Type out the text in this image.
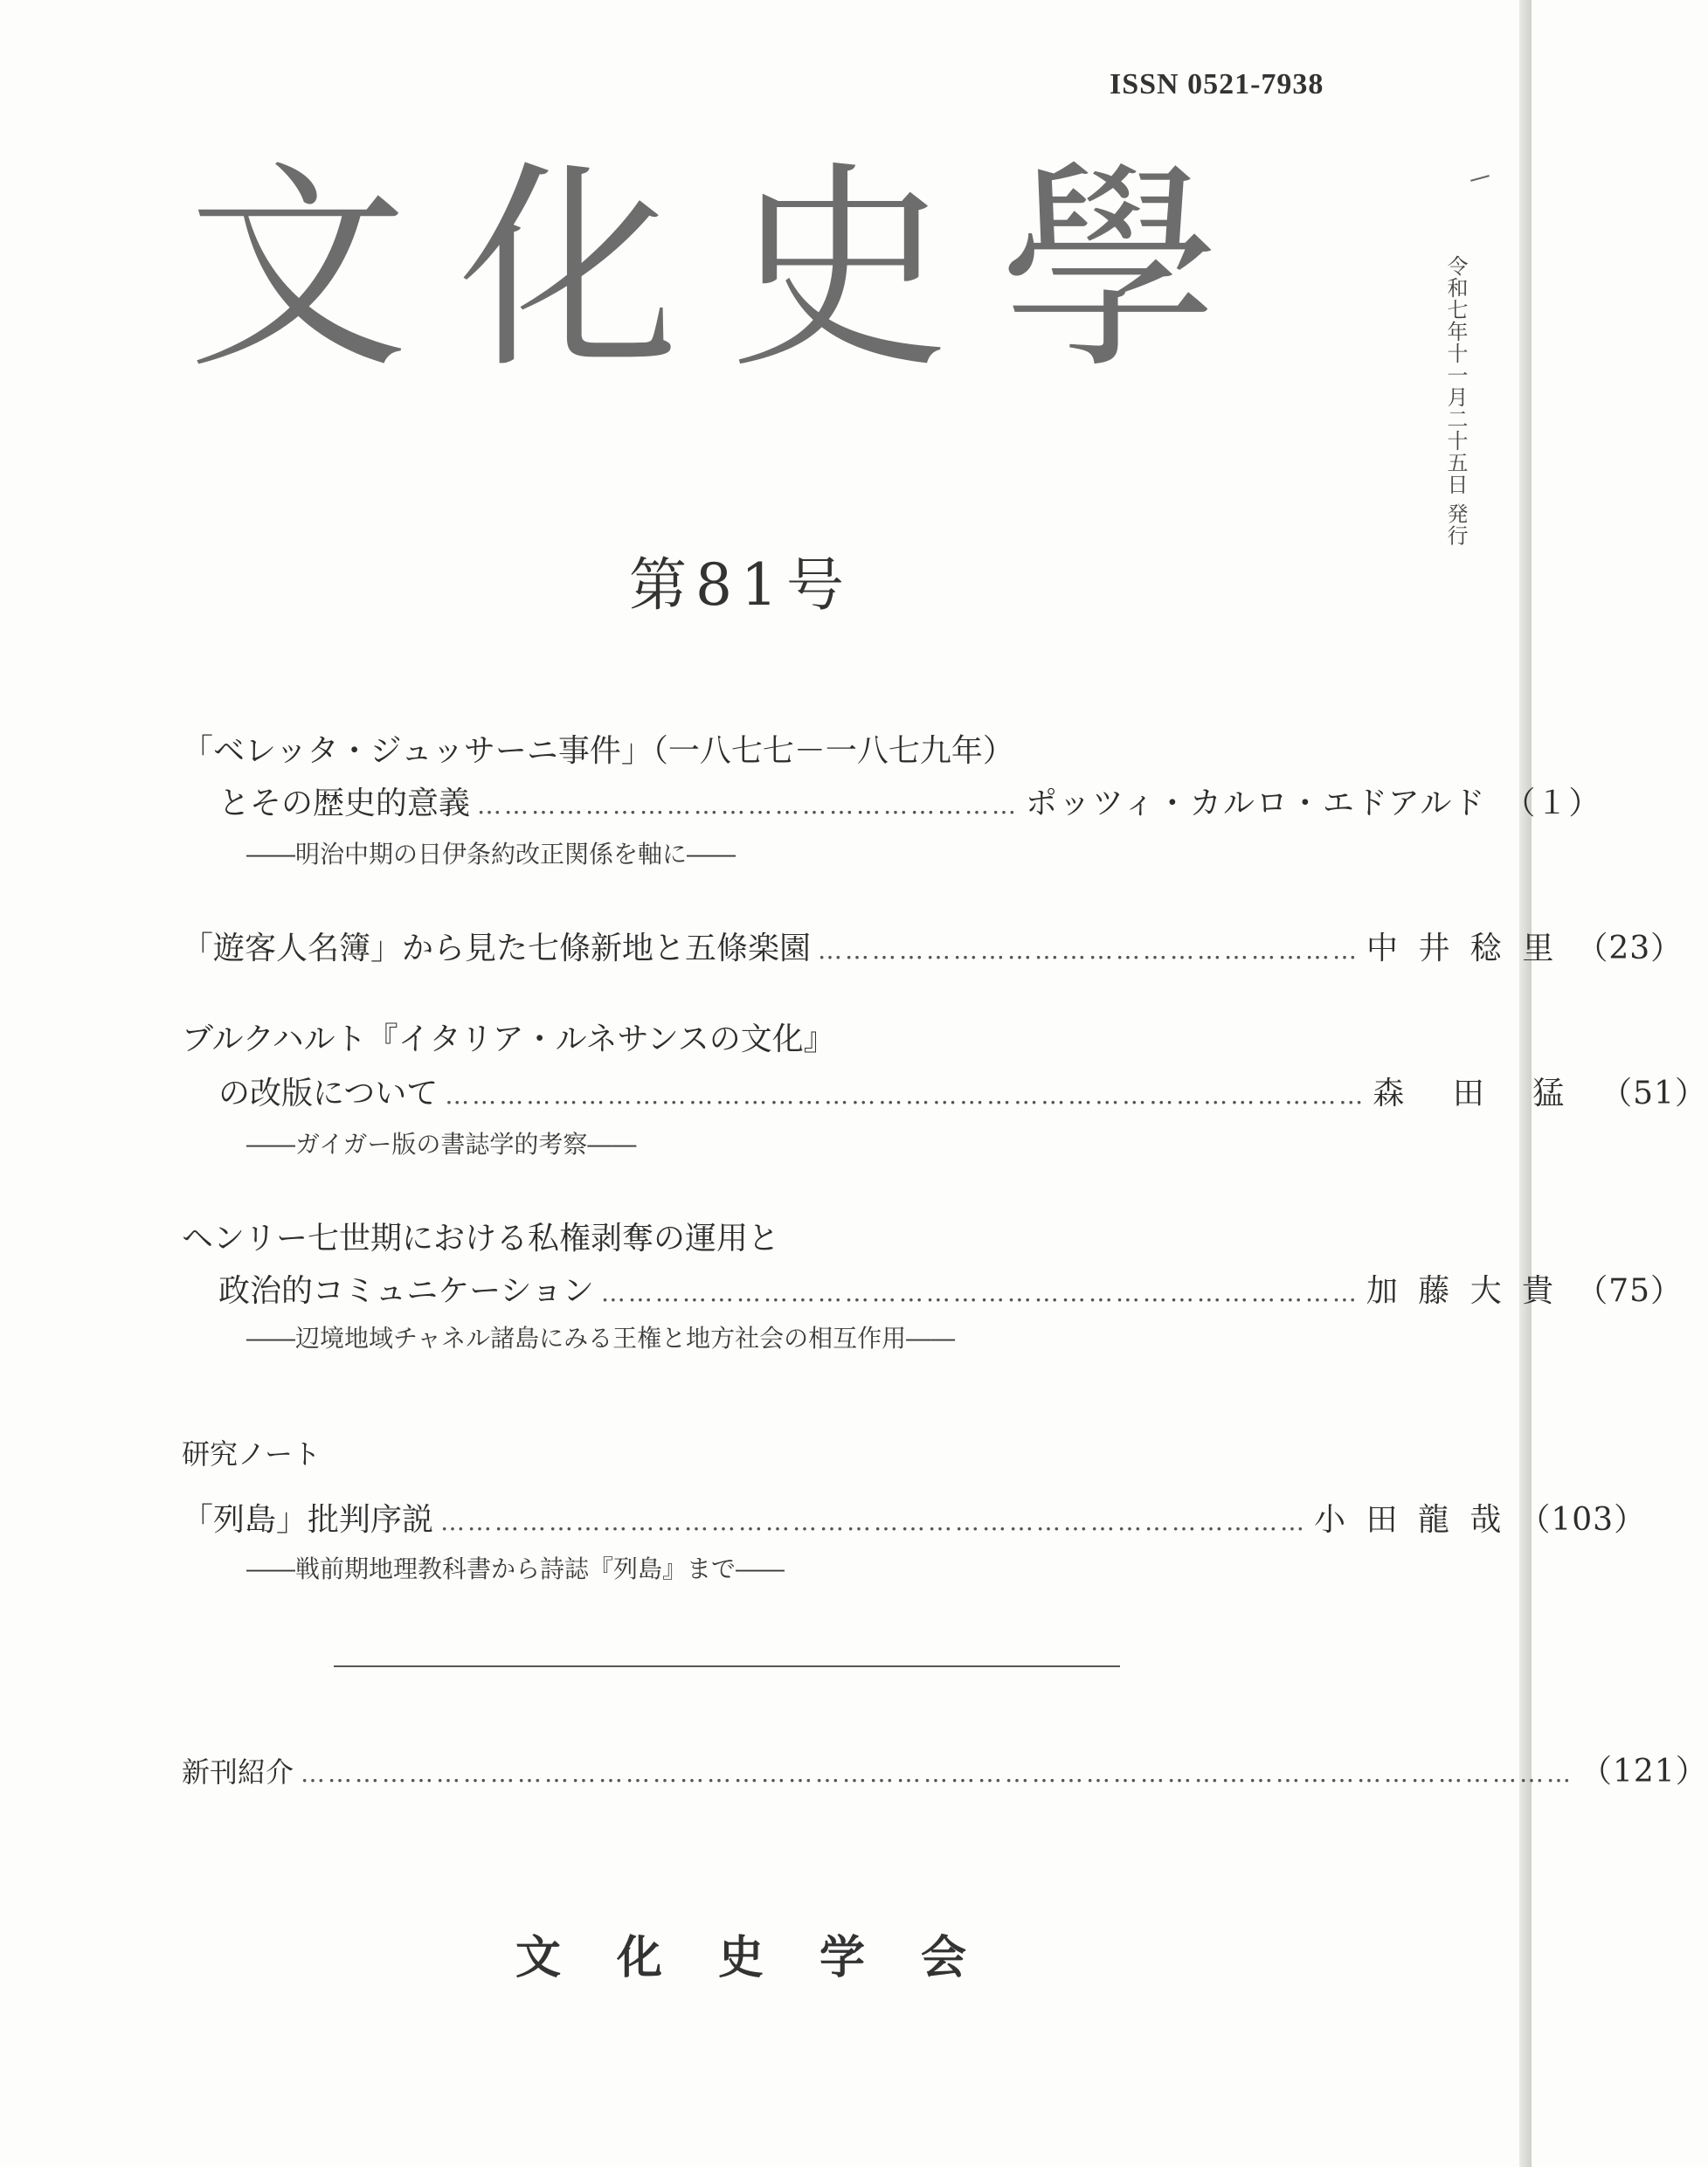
ISSN 0521-7938
令和七年十一月二十五日 発行
文化史學
第81号
「ベレッタ・ジュッサーニ事件」（一八七七－一八七九年）
とその歴史的意義 …………………………………………………… ポッツィ・カルロ・エドアルド （１）
――明治中期の日伊条約改正関係を軸に――
「遊客人名簿」から見た七條新地と五條楽園 …………………………………………………… 中 井 稔 里 （23）
ブルクハルト『イタリア・ルネサンスの文化』
の改版について ………………………………………………………………………………………… 森 田 猛 （51）
――ガイガー版の書誌学的考察――
ヘンリー七世期における私権剥奪の運用と
政治的コミュニケーション ………………………………………………………………………… 加 藤 大 貴 （75）
――辺境地域チャネル諸島にみる王権と地方社会の相互作用――
研究ノート
「列島」批判序説 …………………………………………………………………………………… 小 田 龍 哉 （103）
――戦前期地理教科書から詩誌『列島』まで――
新刊紹介 …………………………………………………………………………………………………………………………… （121）
文化史学会
